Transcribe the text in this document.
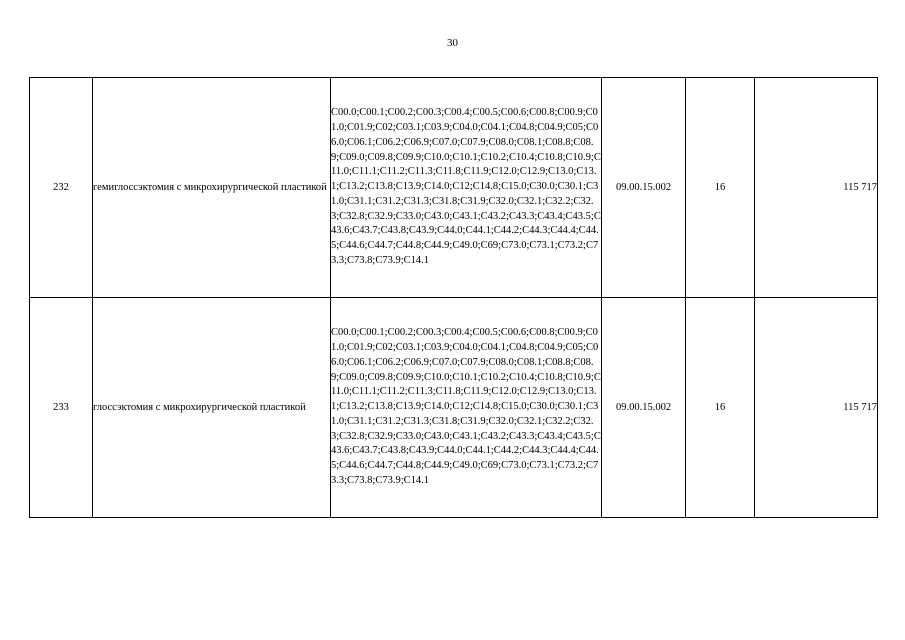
30
232	гемиглоссэктомия с микрохирургической пластикой	C00.0;C00.1;C00.2;C00.3;C00.4;C00.5;C00.6;C00.8;C00.9;C01.0;C01.9;C02;C03.1;C03.9;C04.0;C04.1;C04.8;C04.9;C05;C06.0;C06.1;C06.2;C06.9;C07.0;C07.9;C08.0;C08.1;C08.8;C08.9;C09.0;C09.8;C09.9;C10.0;C10.1;C10.2;C10.4;C10.8;C10.9;C11.0;C11.1;C11.2;C11.3;C11.8;C11.9;C12.0;C12.9;C13.0;C13.1;C13.2;C13.8;C13.9;C14.0;C12;C14.8;C15.0;C30.0;C30.1;C31.0;C31.1;C31.2;C31.3;C31.8;C31.9;C32.0;C32.1;C32.2;C32.3;C32.8;C32.9;C33.0;C43.0;C43.1;C43.2;C43.3;C43.4;C43.5;C43.6;C43.7;C43.8;C43.9;C44.0;C44.1;C44.2;C44.3;C44.4;C44.5;C44.6;C44.7;C44.8;C44.9;C49.0;C69;C73.0;C73.1;C73.2;C73.3;C73.8;C73.9;C14.1	09.00.15.002	16	115 717
233	глоссэктомия с микрохирургической пластикой	C00.0;C00.1;C00.2;C00.3;C00.4;C00.5;C00.6;C00.8;C00.9;C01.0;C01.9;C02;C03.1;C03.9;C04.0;C04.1;C04.8;C04.9;C05;C06.0;C06.1;C06.2;C06.9;C07.0;C07.9;C08.0;C08.1;C08.8;C08.9;C09.0;C09.8;C09.9;C10.0;C10.1;C10.2;C10.4;C10.8;C10.9;C11.0;C11.1;C11.2;C11.3;C11.8;C11.9;C12.0;C12.9;C13.0;C13.1;C13.2;C13.8;C13.9;C14.0;C12;C14.8;C15.0;C30.0;C30.1;C31.0;C31.1;C31.2;C31.3;C31.8;C31.9;C32.0;C32.1;C32.2;C32.3;C32.8;C32.9;C33.0;C43.0;C43.1;C43.2;C43.3;C43.4;C43.5;C43.6;C43.7;C43.8;C43.9;C44.0;C44.1;C44.2;C44.3;C44.4;C44.5;C44.6;C44.7;C44.8;C44.9;C49.0;C69;C73.0;C73.1;C73.2;C73.3;C73.8;C73.9;C14.1	09.00.15.002	16	115 717
